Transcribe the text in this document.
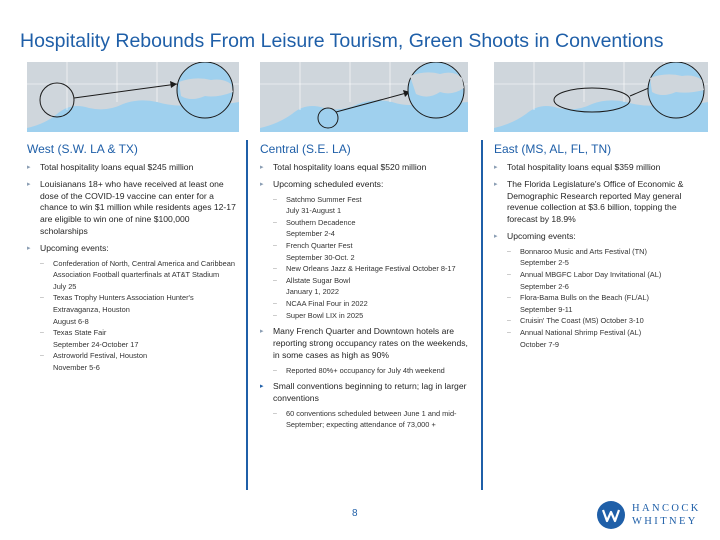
Hospitality Rebounds From Leisure Tourism, Green Shoots in Conventions
West (S.W. LA & TX)
▸ Total hospitality loans equal $245 million
▸ Louisianans 18+ who have received at least one dose of the COVID-19 vaccine can enter for a chance to win $1 million while residents ages 12-17 are eligible to win one of nine $100,000 scholarships
▸ Upcoming events:
– Confederation of North, Central America and Caribbean Association Football quarterfinals at AT&T Stadium
July 25
– Texas Trophy Hunters Association Hunter's Extravaganza, Houston
August 6-8
– Texas State Fair
September 24-October 17
– Astroworld Festival, Houston
November 5-6
Central (S.E. LA)
▸ Total hospitality loans equal $520 million
▸ Upcoming scheduled events:
– Satchmo Summer Fest
July 31-August 1
– Southern Decadence
September 2-4
– French Quarter Fest
September 30-Oct. 2
– New Orleans Jazz & Heritage Festival October 8-17
– Allstate Sugar Bowl
January 1, 2022
– NCAA Final Four in 2022
– Super Bowl LIX in 2025
▸ Many French Quarter and Downtown hotels are reporting strong occupancy rates on the weekends, in some cases as high as 90%
– Reported 80%+ occupancy for July 4th weekend
▸ Small conventions beginning to return; lag in larger conventions
– 60 conventions scheduled between June 1 and mid-September; expecting attendance of 73,000 +
East (MS, AL, FL, TN)
▸ Total hospitality loans equal $359 million
▸ The Florida Legislature's Office of Economic & Demographic Research reported May general revenue collection at $3.6 billion, topping the forecast by 18.9%
▸ Upcoming events:
– Bonnaroo Music and Arts Festival (TN)
September 2-5
– Annual MBGFC Labor Day Invitational (AL)
September 2-6
– Flora-Bama Bulls on the Beach (FL/AL)
September 9-11
– Cruisin' The Coast (MS) October 3-10
– Annual National Shrimp Festival (AL)
October 7-9
8	HANCOCK
WHITNEY
